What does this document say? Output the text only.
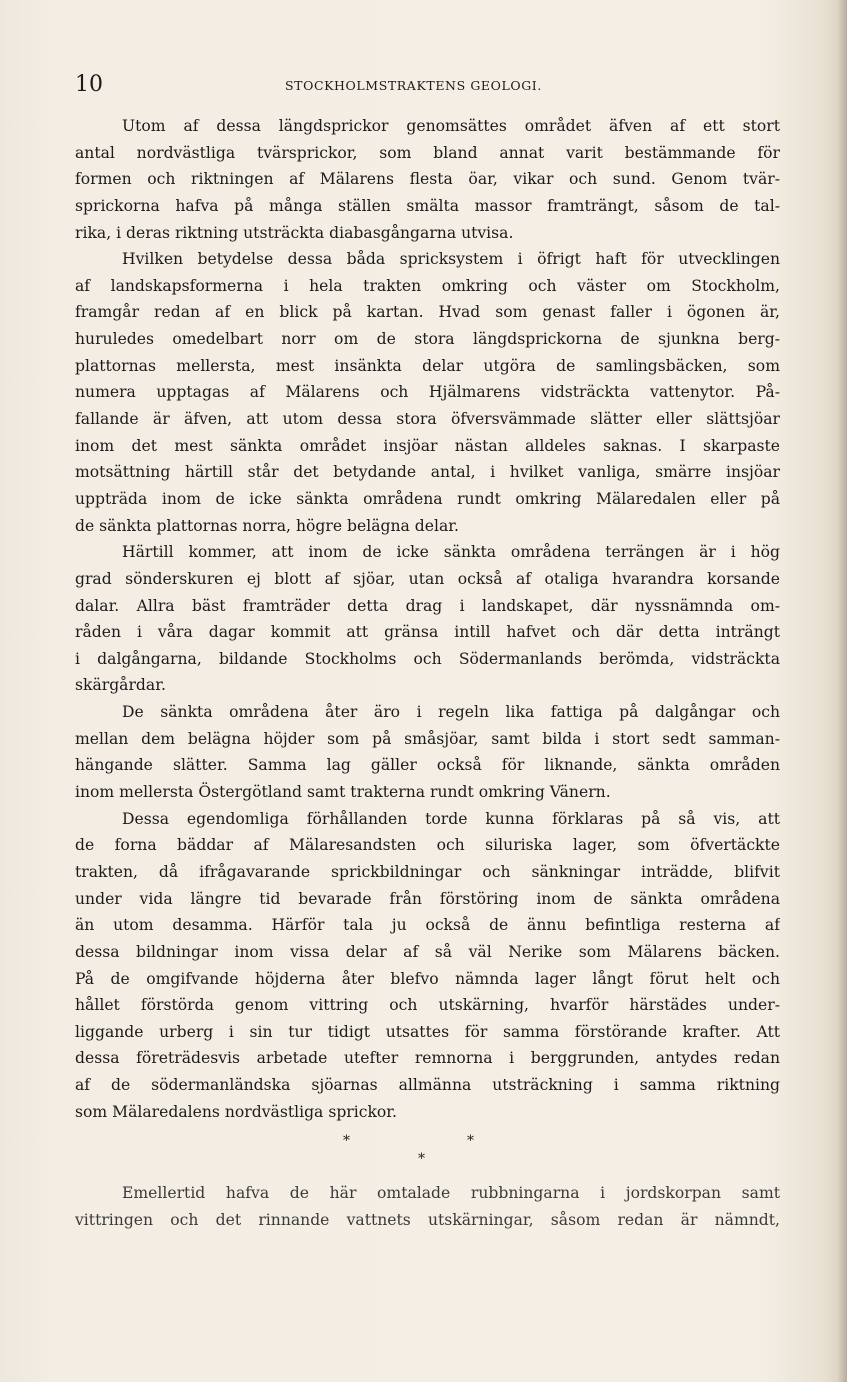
10	STOCKHOLMSTRAKTENS GEOLOGI.
Utom af dessa längdsprickor genomsättes området äfven af ett stort
antal nordvästliga tvärsprickor, som bland annat varit bestämmande för
formen och riktningen af Mälarens flesta öar, vikar och sund. Genom tvär-
sprickorna hafva på många ställen smälta massor framträngt, såsom de tal-
rika, i deras riktning utsträckta diabasgångarna utvisa.
Hvilken betydelse dessa båda spricksystem i öfrigt haft för utvecklingen
af landskapsformerna i hela trakten omkring och väster om Stockholm,
framgår redan af en blick på kartan. Hvad som genast faller i ögonen är,
huruledes omedelbart norr om de stora längdsprickorna de sjunkna berg-
plattornas mellersta, mest insänkta delar utgöra de samlingsbäcken, som
numera upptagas af Mälarens och Hjälmarens vidsträckta vattenytor. På-
fallande är äfven, att utom dessa stora öfversvämmade slätter eller slättsjöar
inom det mest sänkta området insjöar nästan alldeles saknas. I skarpaste
motsättning härtill står det betydande antal, i hvilket vanliga, smärre insjöar
uppträda inom de icke sänkta områdena rundt omkring Mälaredalen eller på
de sänkta plattornas norra, högre belägna delar.
Härtill kommer, att inom de icke sänkta områdena terrängen är i hög
grad sönderskuren ej blott af sjöar, utan också af otaliga hvarandra korsande
dalar. Allra bäst framträder detta drag i landskapet, där nyssnämnda om-
råden i våra dagar kommit att gränsa intill hafvet och där detta inträngt
i dalgångarna, bildande Stockholms och Södermanlands berömda, vidsträckta
skärgårdar.
De sänkta områdena åter äro i regeln lika fattiga på dalgångar och
mellan dem belägna höjder som på småsjöar, samt bilda i stort sedt samman-
hängande slätter. Samma lag gäller också för liknande, sänkta områden
inom mellersta Östergötland samt trakterna rundt omkring Vänern.
Dessa egendomliga förhållanden torde kunna förklaras på så vis, att
de forna bäddar af Mälaresandsten och siluriska lager, som öfvertäckte
trakten, då ifrågavarande sprickbildningar och sänkningar inträdde, blifvit
under vida längre tid bevarade från förstöring inom de sänkta områdena
än utom desamma. Härför tala ju också de ännu befintliga resterna af
dessa bildningar inom vissa delar af så väl Nerike som Mälarens bäcken.
På de omgifvande höjderna åter blefvo nämnda lager långt förut helt och
hållet förstörda genom vittring och utskärning, hvarför härstädes under-
liggande urberg i sin tur tidigt utsattes för samma förstörande krafter. Att
dessa företrädesvis arbetade utefter remnorna i berggrunden, antydes redan
af de södermanländska sjöarnas allmänna utsträckning i samma riktning
som Mälaredalens nordvästliga sprickor.
*	*
*
Emellertid hafva de här omtalade rubbningarna i jordskorpan samt
vittringen och det rinnande vattnets utskärningar, såsom redan är nämndt,
